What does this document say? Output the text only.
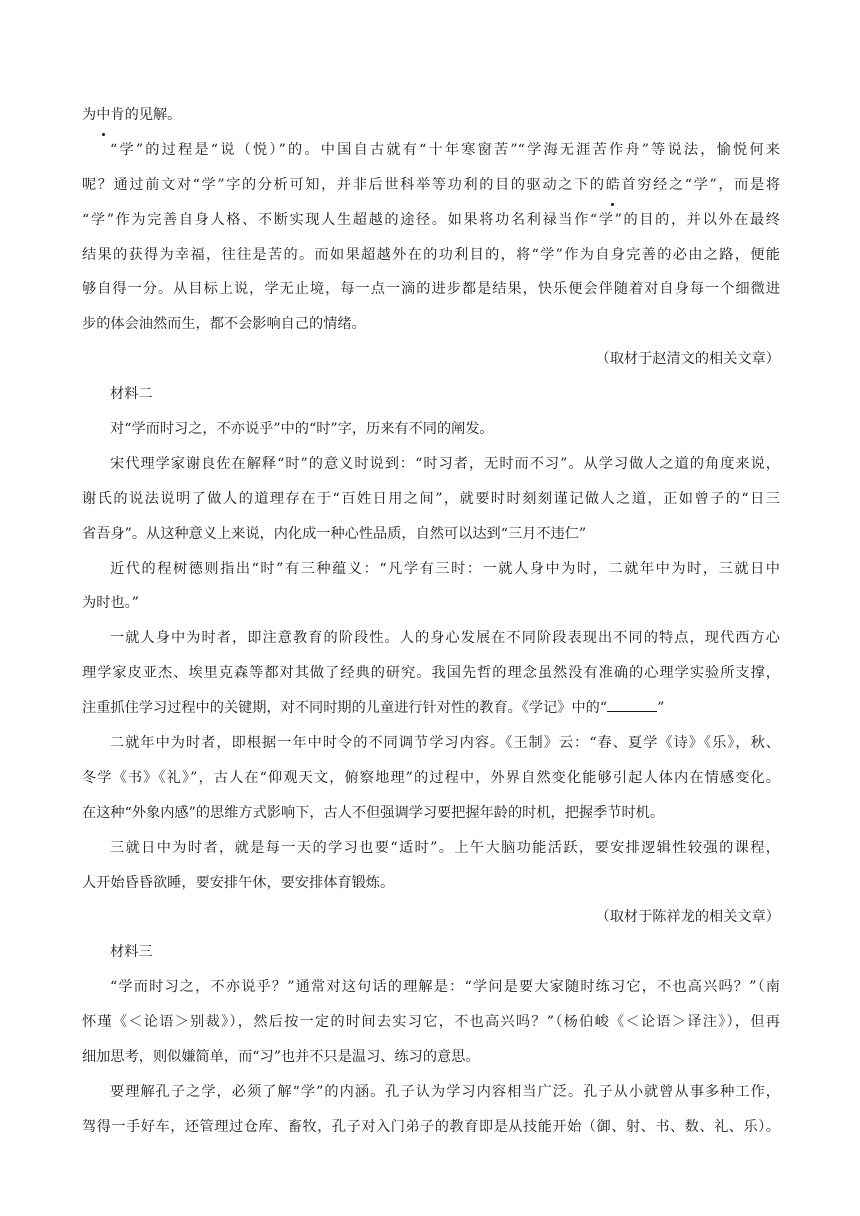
为中肯的见解。
“学”的过程是“说（悦）”的。中国自古就有“十年寒窗苦”“学海无涯苦作舟”等说法，愉悦何来
呢？通过前文对“学”字的分析可知，并非后世科举等功利的目的驱动之下的皓首穷经之“学”，而是将
“学”作为完善自身人格、不断实现人生超越的途径。如果将功名利禄当作“学”的目的，并以外在最终
结果的获得为幸福，往往是苦的。而如果超越外在的功利目的，将“学”作为自身完善的必由之路，便能
够自得一分。从目标上说，学无止境，每一点一滴的进步都是结果，快乐便会伴随着对自身每一个细微进
步的体会油然而生，都不会影响自己的情绪。
（取材于赵清文的相关文章）
材料二
对“学而时习之，不亦说乎”中的“时”字，历来有不同的阐发。
宋代理学家谢良佐在解释“时”的意义时说到：“时习者，无时而不习”。从学习做人之道的角度来说，
谢氏的说法说明了做人的道理存在于“百姓日用之间”，就要时时刻刻谨记做人之道，正如曾子的“日三
省吾身”。从这种意义上来说，内化成一种心性品质，自然可以达到“三月不违仁”
近代的程树德则指出“时”有三种蕴义：“凡学有三时：一就人身中为时，二就年中为时，三就日中
为时也。”
一就人身中为时者，即注意教育的阶段性。人的身心发展在不同阶段表现出不同的特点，现代西方心
理学家皮亚杰、埃里克森等都对其做了经典的研究。我国先哲的理念虽然没有准确的心理学实验所支撑，
注重抓住学习过程中的关键期，对不同时期的儿童进行针对性的教育。《学记》中的“	”
二就年中为时者，即根据一年中时令的不同调节学习内容。《王制》云：“春、夏学《诗》《乐》，秋、
冬学《书》《礼》”，古人在“仰观天文，俯察地理”的过程中，外界自然变化能够引起人体内在情感变化。
在这种“外象内感”的思维方式影响下，古人不但强调学习要把握年龄的时机，把握季节时机。
三就日中为时者，就是每一天的学习也要“适时”。上午大脑功能活跃，要安排逻辑性较强的课程，
人开始昏昏欲睡，要安排午休，要安排体育锻炼。
（取材于陈祥龙的相关文章）
材料三
“学而时习之，不亦说乎？”通常对这句话的理解是：“学问是要大家随时练习它，不也高兴吗？”（南
怀瑾《＜论语＞别裁》），然后按一定的时间去实习它，不也高兴吗？”（杨伯峻《＜论语＞译注》），但再
细加思考，则似嫌简单，而“习”也并不只是温习、练习的意思。
要理解孔子之学，必须了解“学”的内涵。孔子认为学习内容相当广泛。孔子从小就曾从事多种工作，
驾得一手好车，还管理过仓库、畜牧，孔子对入门弟子的教育即是从技能开始（御、射、书、数、礼、乐）。
